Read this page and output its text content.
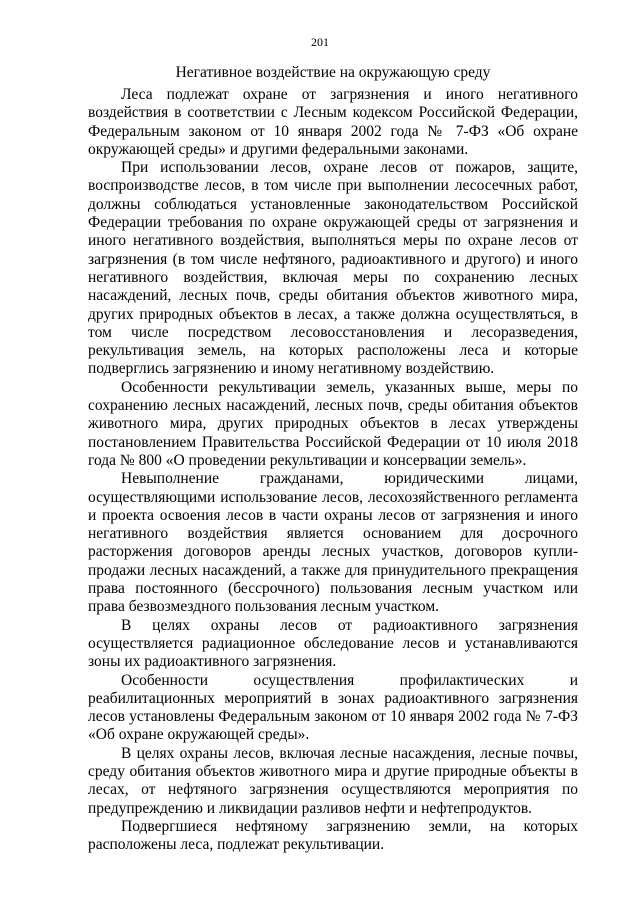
201
Негативное воздействие на окружающую среду

Леса подлежат охране от загрязнения и иного негативного воздействия в соответствии с Лесным кодексом Российской Федерации, Федеральным законом от 10 января 2002 года № 7-ФЗ «Об охране окружающей среды» и другими федеральными законами.

При использовании лесов, охране лесов от пожаров, защите, воспроизводстве лесов, в том числе при выполнении лесосечных работ, должны соблюдаться установленные законодательством Российской Федерации требования по охране окружающей среды от загрязнения и иного негативного воздействия, выполняться меры по охране лесов от загрязнения (в том числе нефтяного, радиоактивного и другого) и иного негативного воздействия, включая меры по сохранению лесных насаждений, лесных почв, среды обитания объектов животного мира, других природных объектов в лесах, а также должна осуществляться, в том числе посредством лесовосстановления и лесоразведения, рекультивация земель, на которых расположены леса и которые подверглись загрязнению и иному негативному воздействию.

Особенности рекультивации земель, указанных выше, меры по сохранению лесных насаждений, лесных почв, среды обитания объектов животного мира, других природных объектов в лесах утверждены постановлением Правительства Российской Федерации от 10 июля 2018 года № 800 «О проведении рекультивации и консервации земель».

Невыполнение гражданами, юридическими лицами, осуществляющими использование лесов, лесохозяйственного регламента и проекта освоения лесов в части охраны лесов от загрязнения и иного негативного воздействия является основанием для досрочного расторжения договоров аренды лесных участков, договоров купли-продажи лесных насаждений, а также для принудительного прекращения права постоянного (бессрочного) пользования лесным участком или права безвозмездного пользования лесным участком.

В целях охраны лесов от радиоактивного загрязнения осуществляется радиационное обследование лесов и устанавливаются зоны их радиоактивного загрязнения.

Особенности осуществления профилактических и реабилитационных мероприятий в зонах радиоактивного загрязнения лесов установлены Федеральным законом от 10 января 2002 года № 7-ФЗ «Об охране окружающей среды».

В целях охраны лесов, включая лесные насаждения, лесные почвы, среду обитания объектов животного мира и другие природные объекты в лесах, от нефтяного загрязнения осуществляются мероприятия по предупреждению и ликвидации разливов нефти и нефтепродуктов.

Подвергшиеся нефтяному загрязнению земли, на которых расположены леса, подлежат рекультивации.
